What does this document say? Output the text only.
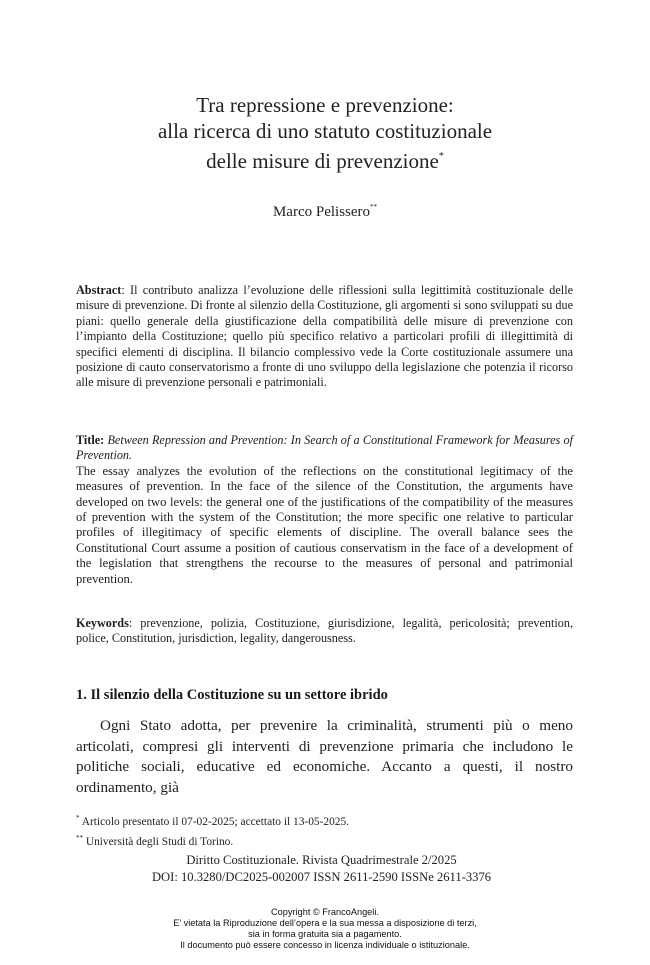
Tra repressione e prevenzione:
alla ricerca di uno statuto costituzionale
delle misure di prevenzione*
Marco Pelissero**
Abstract: Il contributo analizza l’evoluzione delle riflessioni sulla legittimità costituzionale delle misure di prevenzione. Di fronte al silenzio della Costituzione, gli argomenti si sono sviluppati su due piani: quello generale della giustificazione della compatibilità delle misure di prevenzione con l’impianto della Costituzione; quello più specifico relativo a particolari profili di illegittimità di specifici elementi di disciplina. Il bilancio complessivo vede la Corte costituzionale assumere una posizione di cauto conservatorismo a fronte di uno sviluppo della legislazione che potenzia il ricorso alle misure di prevenzione personali e patrimoniali.
Title: Between Repression and Prevention: In Search of a Constitutional Framework for Measures of Prevention.
The essay analyzes the evolution of the reflections on the constitutional legitimacy of the measures of prevention. In the face of the silence of the Constitution, the arguments have developed on two levels: the general one of the justifications of the compatibility of the measures of prevention with the system of the Constitution; the more specific one relative to particular profiles of illegitimacy of specific elements of discipline. The overall balance sees the Constitutional Court assume a position of cautious conservatism in the face of a development of the legislation that strengthens the recourse to the measures of personal and patrimonial prevention.
Keywords: prevenzione, polizia, Costituzione, giurisdizione, legalità, pericolosità; prevention, police, Constitution, jurisdiction, legality, dangerousness.
1. Il silenzio della Costituzione su un settore ibrido
Ogni Stato adotta, per prevenire la criminalità, strumenti più o meno articolati, compresi gli interventi di prevenzione primaria che includono le politiche sociali, educative ed economiche. Accanto a questi, il nostro ordinamento, già
* Articolo presentato il 07-02-2025; accettato il 13-05-2025.
** Università degli Studi di Torino.
Diritto Costituzionale. Rivista Quadrimestrale 2/2025
DOI: 10.3280/DC2025-002007 ISSN 2611-2590 ISSNe 2611-3376
Copyright © FrancoAngeli.
E’ vietata la Riproduzione dell’opera e la sua messa a disposizione di terzi,
sia in forma gratuita sia a pagamento.
Il documento può essere concesso in licenza individuale o istituzionale.
